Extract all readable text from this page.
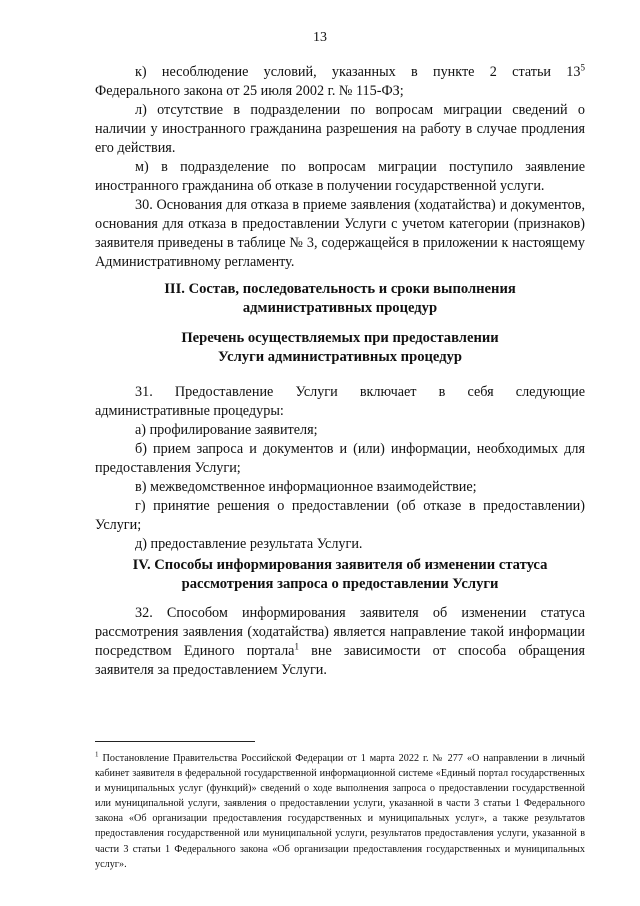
13

к) несоблюдение условий, указанных в пункте 2 статьи $13^5$

Федерального закона от 25 июля 2002 г. № 115-ФЗ;

л) отсутствие в подразделении по вопросам миграции сведений о наличии у иностранного гражданина разрешения на работу в случае продления его действия.

м) в подразделение по вопросам миграции поступило заявление иностранного гражданина об отказе в получении государственной услуги.

30. Основания для отказа в приеме заявления (ходатайства) и документов, основания для отказа в предоставлении Услуги с учетом категории (признаков) заявителя приведены в таблице № 3, содержащейся в приложении к настоящему Административному регламенту.

III. Состав, последовательность и сроки выполнения
административных процедур
Перечень осуществляемых при предоставлении
Услуги административных процедур

31. Предоставление Услуги включает в себя следующие административные процедуры:

а) профилирование заявителя;

б) прием запроса и документов и (или) информации, необходимых для предоставления Услуги;

в) межведомственное информационное взаимодействие;

г) принятие решения о предоставлении (об отказе в предоставлении) Услуги;

д) предоставление результата Услуги.

IV. Способы информирования заявителя об изменении статуса
рассмотрения запроса о предоставлении Услуги

32. Способом информирования заявителя об изменении статуса рассмотрения заявления (ходатайства) является направление такой информации посредством Единого портала$^1$ вне зависимости от способа обращения заявителя за предоставлением Услуги.

$^1$ Постановление Правительства Российской Федерации от 1 марта 2022 г. № 277 «О направлении в личный кабинет заявителя в федеральной государственной информационной системе «Единый портал государственных и муниципальных услуг (функций)» сведений о ходе выполнения запроса о предоставлении государственной или муниципальной услуги, заявления о предоставлении услуги, указанной в части 3 статьи 1 Федерального закона «Об организации предоставления государственных и муниципальных услуг», а также результатов предоставления государственной или муниципальной услуги, результатов предоставления услуги, указанной в части 3 статьи 1 Федерального закона «Об организации предоставления государственных и муниципальных услуг».
